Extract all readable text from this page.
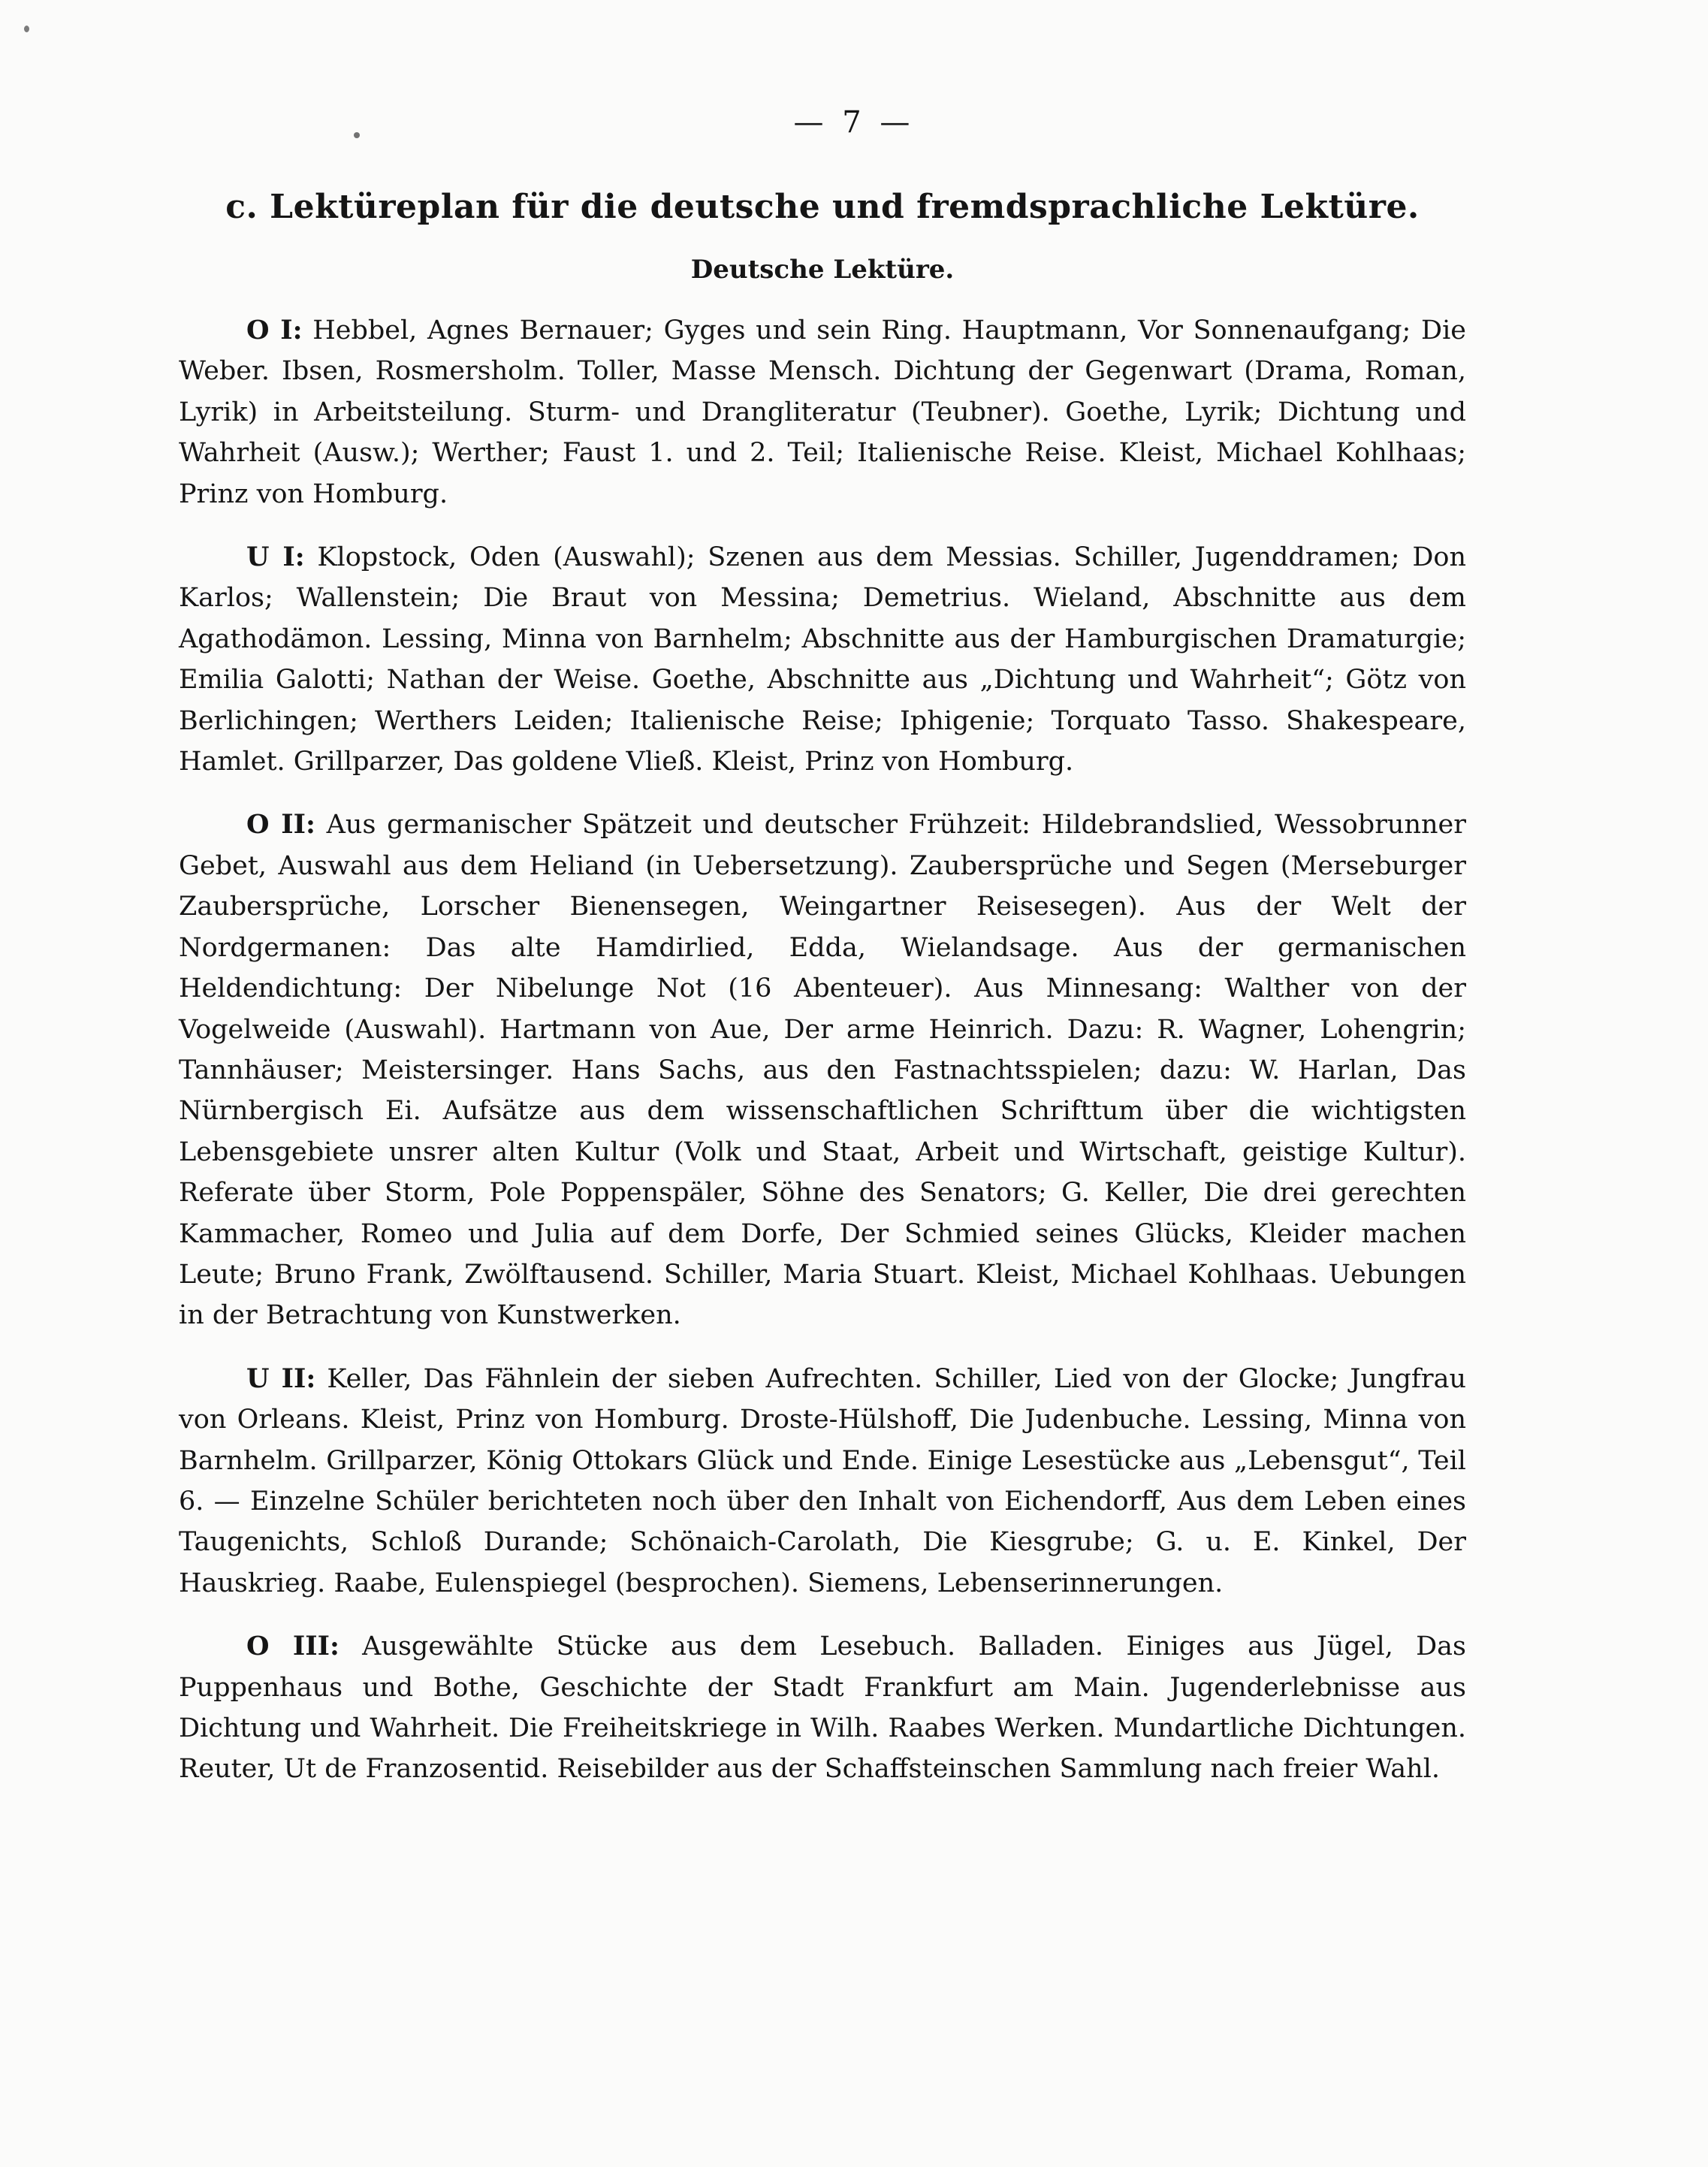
— 7 —
c. Lektüreplan für die deutsche und fremdsprachliche Lektüre.
Deutsche Lektüre.
O I: Hebbel, Agnes Bernauer; Gyges und sein Ring. Hauptmann, Vor Sonnenaufgang; Die Weber. Ibsen, Rosmersholm. Toller, Masse Mensch. Dichtung der Gegenwart (Drama, Roman, Lyrik) in Arbeitsteilung. Sturm- und Drangliteratur (Teubner). Goethe, Lyrik; Dichtung und Wahrheit (Ausw.); Werther; Faust 1. und 2. Teil; Italienische Reise. Kleist, Michael Kohlhaas; Prinz von Homburg.
U I: Klopstock, Oden (Auswahl); Szenen aus dem Messias. Schiller, Jugenddramen; Don Karlos; Wallenstein; Die Braut von Messina; Demetrius. Wieland, Abschnitte aus dem Agathodämon. Lessing, Minna von Barnhelm; Abschnitte aus der Hamburgischen Dramaturgie; Emilia Galotti; Nathan der Weise. Goethe, Abschnitte aus „Dichtung und Wahrheit“; Götz von Berlichingen; Werthers Leiden; Italienische Reise; Iphigenie; Torquato Tasso. Shakespeare, Hamlet. Grillparzer, Das goldene Vließ. Kleist, Prinz von Homburg.
O II: Aus germanischer Spätzeit und deutscher Frühzeit: Hildebrandslied, Wessobrunner Gebet, Auswahl aus dem Heliand (in Uebersetzung). Zaubersprüche und Segen (Merseburger Zaubersprüche, Lorscher Bienensegen, Weingartner Reisesegen). Aus der Welt der Nordgermanen: Das alte Hamdirlied, Edda, Wielandsage. Aus der germanischen Heldendichtung: Der Nibelunge Not (16 Abenteuer). Aus Minnesang: Walther von der Vogelweide (Auswahl). Hartmann von Aue, Der arme Heinrich. Dazu: R. Wagner, Lohengrin; Tannhäuser; Meistersinger. Hans Sachs, aus den Fastnachtsspielen; dazu: W. Harlan, Das Nürnbergisch Ei. Aufsätze aus dem wissenschaftlichen Schrifttum über die wichtigsten Lebensgebiete unsrer alten Kultur (Volk und Staat, Arbeit und Wirtschaft, geistige Kultur). Referate über Storm, Pole Poppenspäler, Söhne des Senators; G. Keller, Die drei gerechten Kammacher, Romeo und Julia auf dem Dorfe, Der Schmied seines Glücks, Kleider machen Leute; Bruno Frank, Zwölftausend. Schiller, Maria Stuart. Kleist, Michael Kohlhaas. Uebungen in der Betrachtung von Kunstwerken.
U II: Keller, Das Fähnlein der sieben Aufrechten. Schiller, Lied von der Glocke; Jungfrau von Orleans. Kleist, Prinz von Homburg. Droste-Hülshoff, Die Judenbuche. Lessing, Minna von Barnhelm. Grillparzer, König Ottokars Glück und Ende. Einige Lesestücke aus „Lebensgut“, Teil 6. — Einzelne Schüler berichteten noch über den Inhalt von Eichendorff, Aus dem Leben eines Taugenichts, Schloß Durande; Schönaich-Carolath, Die Kiesgrube; G. u. E. Kinkel, Der Hauskrieg. Raabe, Eulenspiegel (besprochen). Siemens, Lebenserinnerungen.
O III: Ausgewählte Stücke aus dem Lesebuch. Balladen. Einiges aus Jügel, Das Puppenhaus und Bothe, Geschichte der Stadt Frankfurt am Main. Jugenderlebnisse aus Dichtung und Wahrheit. Die Freiheitskriege in Wilh. Raabes Werken. Mundartliche Dichtungen. Reuter, Ut de Franzosentid. Reisebilder aus der Schaffsteinschen Sammlung nach freier Wahl.
